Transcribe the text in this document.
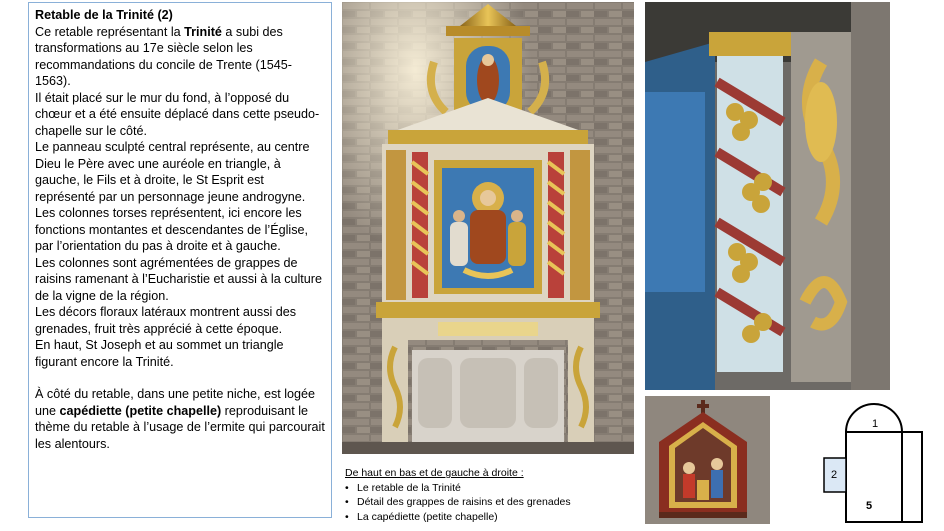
Retable de la Trinité (2)

Ce retable représentant la Trinité a subi des transformations au 17e siècle selon les recommandations du concile de Trente (1545-1563).

Il était placé sur le mur du fond, à l’opposé du chœur et a été ensuite déplacé dans cette pseudo-chapelle sur le côté.

Le panneau sculpté central représente, au centre Dieu le Père avec une auréole en triangle, à gauche, le Fils et à droite, le St Esprit est représenté par un personnage jeune androgyne.

Les colonnes torses représentent, ici encore les fonctions montantes et descendantes de l’Église, par l’orientation du pas à droite et à gauche.

Les colonnes sont agrémentées de grappes de raisins ramenant à l’Eucharistie et aussi à la culture de la vigne de la région.

Les décors floraux latéraux montrent aussi des grenades, fruit très apprécié à cette époque.

En haut, St Joseph et au sommet un triangle figurant encore la Trinité.

À côté du retable, dans une petite niche, est logée une capédiette (petite chapelle) reproduisant le thème du retable à l’usage de l’ermite qui parcourait les alentours.

De haut en bas et de gauche à droite :
• Le retable de la Trinité
• Détail des grappes de raisins et des grenades
• La capédiette (petite chapelle)
1
2
5
